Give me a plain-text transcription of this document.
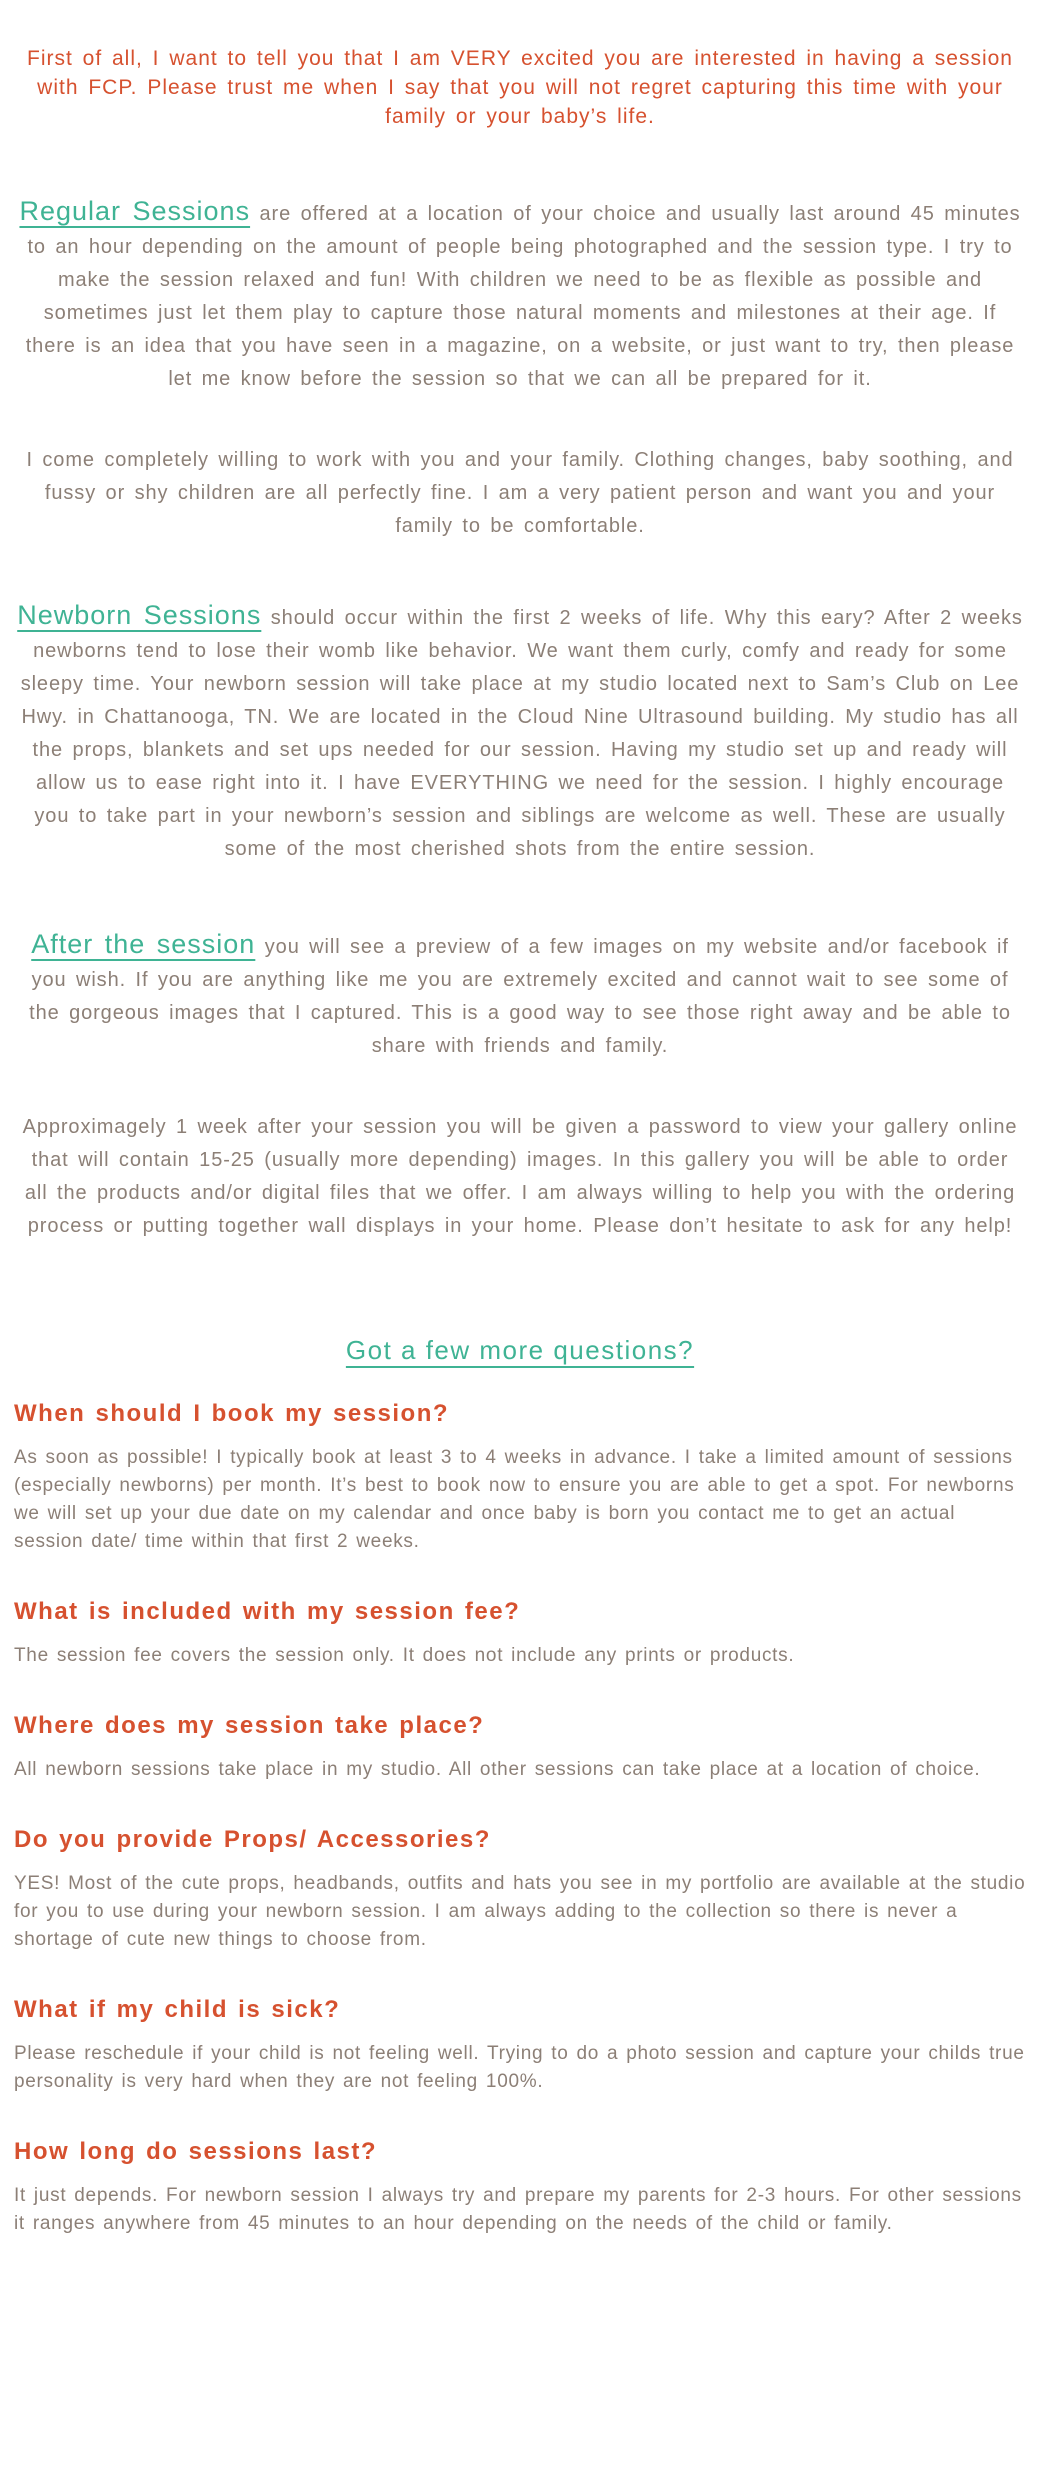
First of all, I want to tell you that I am VERY excited you are interested in having a session with FCP. Please trust me when I say that you will not regret capturing this time with your family or your baby’s life.

Regular Sessions are offered at a location of your choice and usually last around 45 minutes to an hour depending on the amount of people being photographed and the session type. I try to make the session relaxed and fun! With children we need to be as flexible as possible and sometimes just let them play to capture those natural moments and milestones at their age. If there is an idea that you have seen in a magazine, on a website, or just want to try, then please let me know before the session so that we can all be prepared for it.

I come completely willing to work with you and your family. Clothing changes, baby soothing, and fussy or shy children are all perfectly fine. I am a very patient person and want you and your family to be comfortable.

Newborn Sessions should occur within the first 2 weeks of life. Why this eary? After 2 weeks newborns tend to lose their womb like behavior. We want them curly, comfy and ready for some sleepy time. Your newborn session will take place at my studio located next to Sam’s Club on Lee Hwy. in Chattanooga, TN. We are located in the Cloud Nine Ultrasound building. My studio has all the props, blankets and set ups needed for our session. Having my studio set up and ready will allow us to ease right into it. I have EVERYTHING we need for the session. I highly encourage you to take part in your newborn’s session and siblings are welcome as well. These are usually some of the most cherished shots from the entire session.

After the session you will see a preview of a few images on my website and/or facebook if you wish. If you are anything like me you are extremely excited and cannot wait to see some of the gorgeous images that I captured. This is a good way to see those right away and be able to share with friends and family.

Approximagely 1 week after your session you will be given a password to view your gallery online that will contain 15-25 (usually more depending) images. In this gallery you will be able to order all the products and/or digital files that we offer. I am always willing to help you with the ordering process or putting together wall displays in your home. Please don’t hesitate to ask for any help!

Got a few more questions?
When should I book my session?

As soon as possible! I typically book at least 3 to 4 weeks in advance. I take a limited amount of sessions (especially newborns) per month. It’s best to book now to ensure you are able to get a spot. For newborns we will set up your due date on my calendar and once baby is born you contact me to get an actual session date/ time within that first 2 weeks.

What is included with my session fee?

The session fee covers the session only. It does not include any prints or products.

Where does my session take place?

All newborn sessions take place in my studio. All other sessions can take place at a location of choice.

Do you provide Props/ Accessories?

YES! Most of the cute props, headbands, outfits and hats you see in my portfolio are available at the studio for you to use during your newborn session. I am always adding to the collection so there is never a shortage of cute new things to choose from.

What if my child is sick?

Please reschedule if your child is not feeling well. Trying to do a photo session and capture your childs true personality is very hard when they are not feeling 100%.

How long do sessions last?

It just depends. For newborn session I always try and prepare my parents for 2-3 hours. For other sessions it ranges anywhere from 45 minutes to an hour depending on the needs of the child or family.
